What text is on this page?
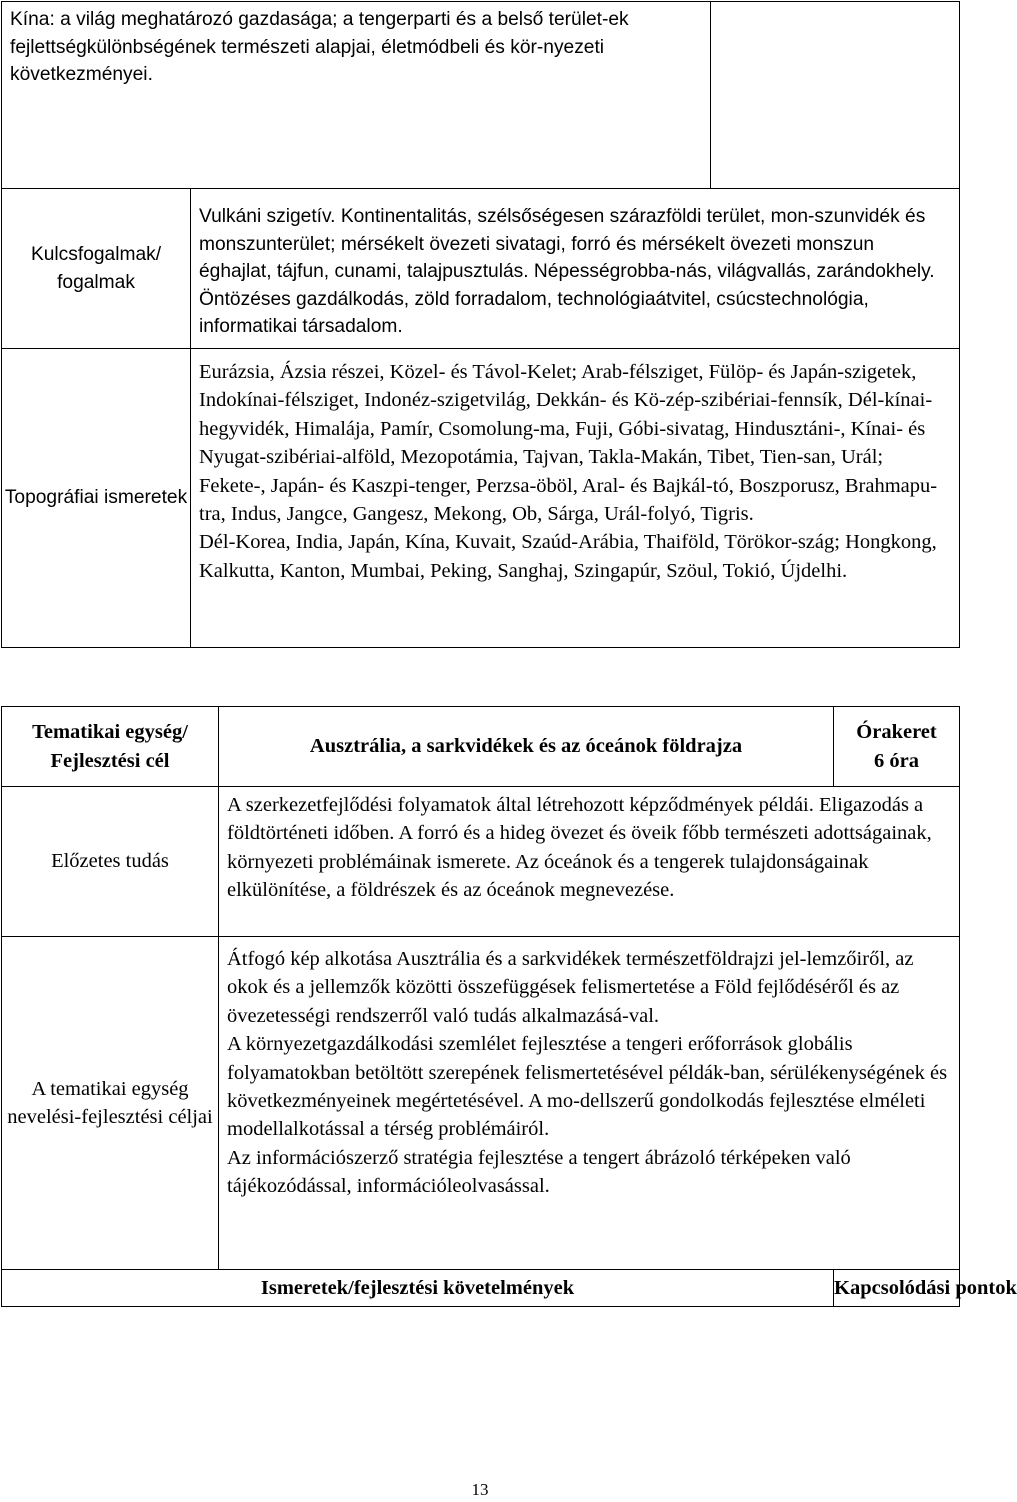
Kína: a világ meghatározó gazdasága; a tengerparti és a belső terület-ek fejlettségkülönbségének természeti alapjai, életmódbeli és kör-nyezeti következményei.		

Kulcsfogalmak/ fogalmak	Vulkáni szigetív. Kontinentalitás, szélsőségesen szárazföldi terület, mon-szunvidék és monszunterület; mérsékelt övezeti sivatagi, forró és mérsékelt övezeti monszun éghajlat, tájfun, cunami, talajpusztulás. Népességrobba-nás, világvallás, zarándokhely. Öntözéses gazdálkodás, zöld forradalom, technológiaátvitel, csúcstechnológia, informatikai társadalom.	

Topográfiai ismeretek	Eurázsia, Ázsia részei, Közel- és Távol-Kelet; Arab-félsziget, Fülöp- és Japán-szigetek, Indokínai-félsziget, Indonéz-szigetvilág, Dekkán- és Kö-zép-szibériai-fennsík, Dél-kínai-hegyvidék, Himalája, Pamír, Csomolung-ma, Fuji, Góbi-sivatag, Hindusztáni-, Kínai- és Nyugat-szibériai-alföld, Mezopotámia, Tajvan, Takla-Makán, Tibet, Tien-san, Urál; Fekete-, Japán- és Kaszpi-tenger, Perzsa-öböl, Aral- és Bajkál-tó, Boszporusz, Brahmapu-tra, Indus, Jangce, Gangesz, Mekong, Ob, Sárga, Urál-folyó, Tigris.

Dél-Korea, India, Japán, Kína, Kuvait, Szaúd-Arábia, Thaiföld, Törökor-szág; Hongkong, Kalkutta, Kanton, Mumbai, Peking, Sanghaj, Szingapúr, Szöul, Tokió, Újdelhi.	

Tematikai egység/ Fejlesztési cél	Ausztrália, a sarkvidékek és az óceánok földrajza	Órakeret
6 óra

Előzetes tudás	A szerkezetfejlődési folyamatok által létrehozott képződmények példái. Eligazodás a földtörténeti időben. A forró és a hideg övezet és öveik főbb természeti adottságainak, környezeti problémáinak ismerete. Az óceánok és a tengerek tulajdonságainak elkülönítése, a földrészek és az óceánok megnevezése.	

A tematikai egység nevelési-fejlesztési céljai	Átfogó kép alkotása Ausztrália és a sarkvidékek természetföldrajzi jel-lemzőiről, az okok és a jellemzők közötti összefüggések felismertetése a Föld fejlődéséről és az övezetességi rendszerről való tudás alkalmazásá-val.

A környezetgazdálkodási szemlélet fejlesztése a tengeri erőforrások globális folyamatokban betöltött szerepének felismertetésével példák-ban, sérülékenységének és következményeinek megértetésével. A mo-dellszerű gondolkodás fejlesztése elméleti modellalkotással a térség problémáiról.

Az információszerző stratégia fejlesztése a tengert ábrázoló térképeken való tájékozódással, információleolvasással.	

Ismeretek/fejlesztési követelmények		Kapcsolódási pontok
13
